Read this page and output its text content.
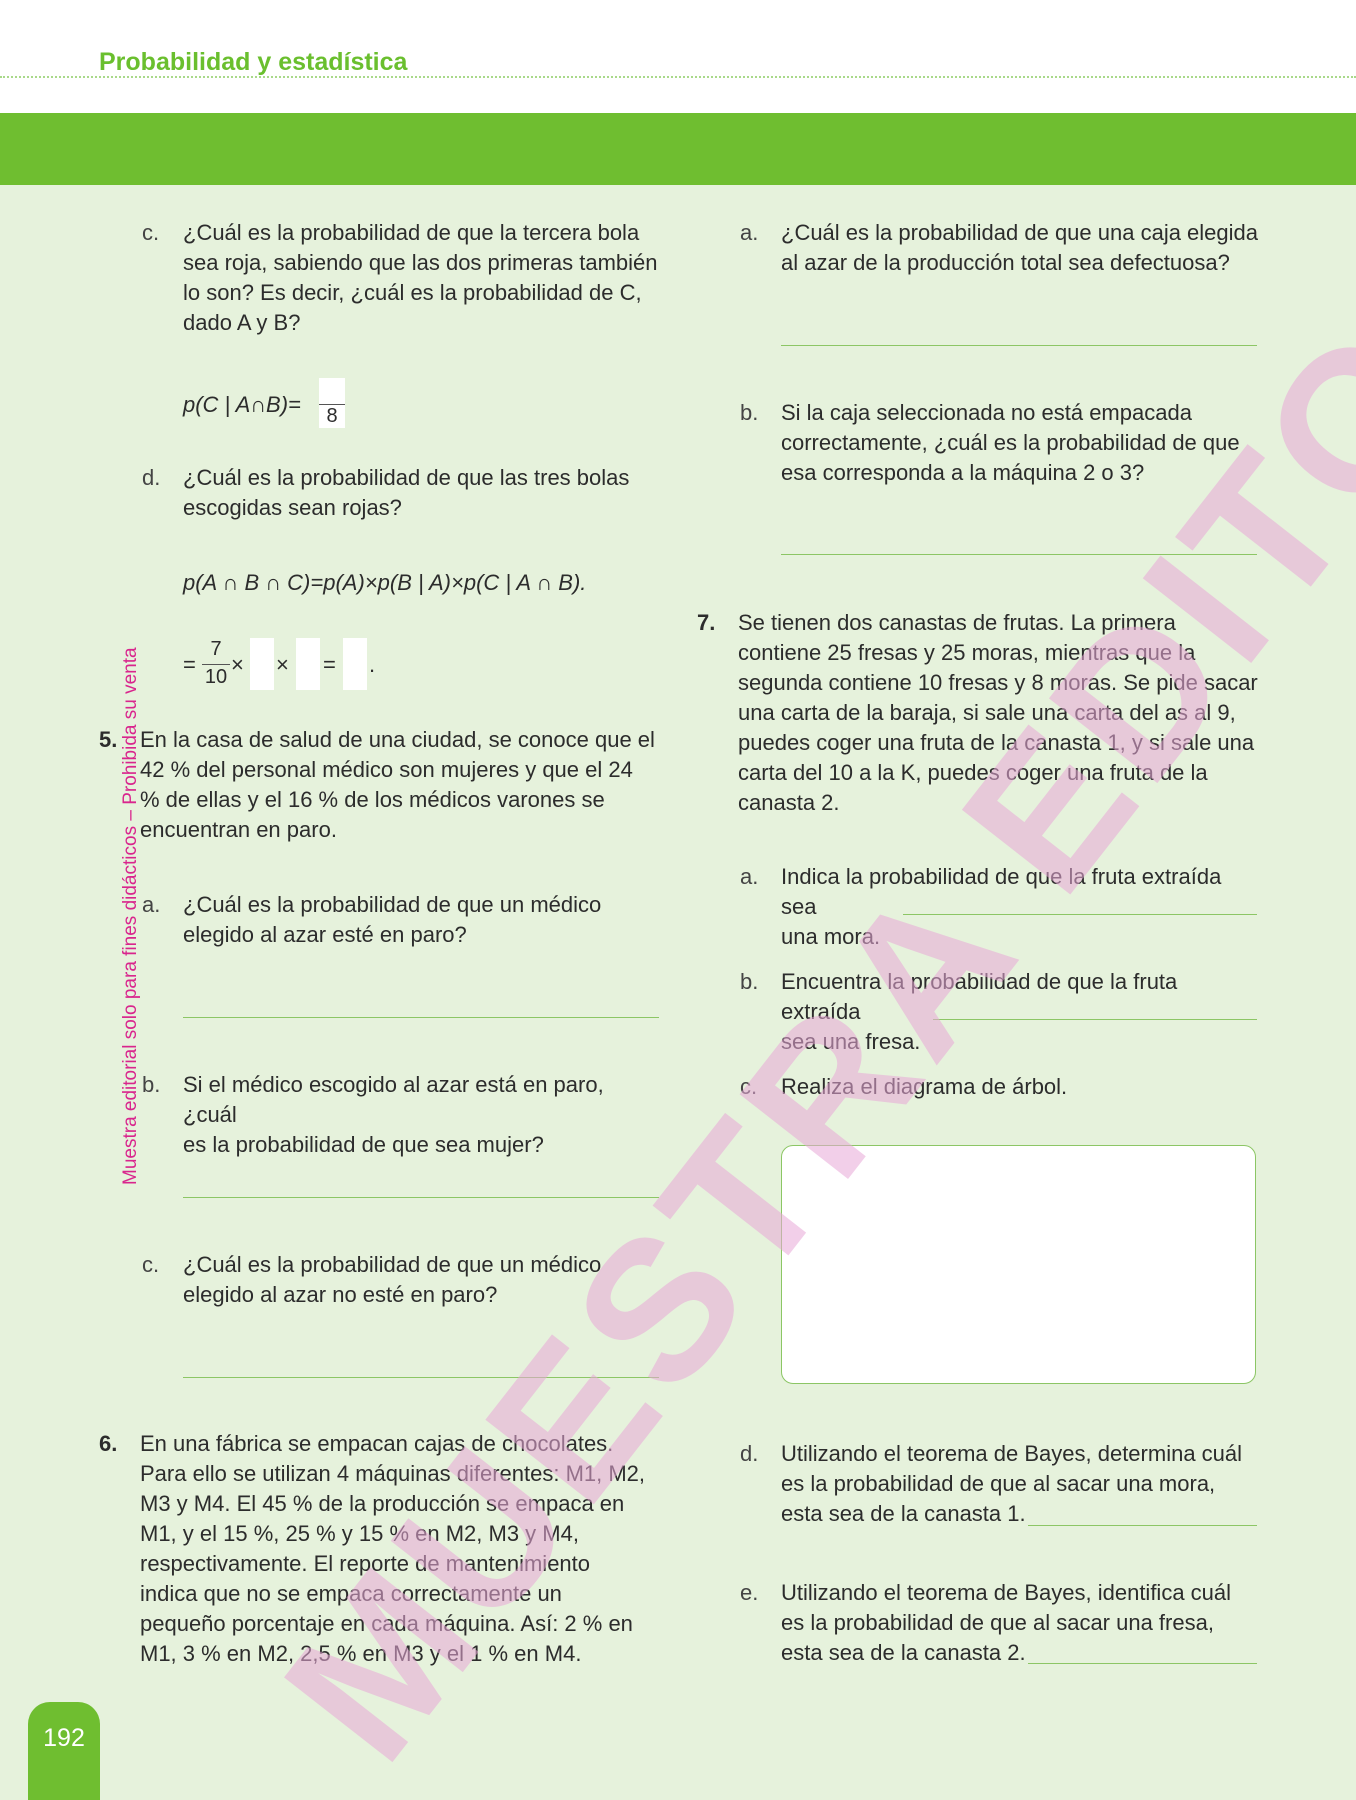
Probabilidad y estadística
Muestra editorial solo para fines didácticos – Prohibida su venta
c. ¿Cuál es la probabilidad de que la tercera bola
sea roja, sabiendo que las dos primeras también
lo son? Es decir, ¿cuál es la probabilidad de C,
dado A y B?
p(C | A∩B)=	8
d. ¿Cuál es la probabilidad de que las tres bolas
escogidas sean rojas?
p(A ∩ B ∩ C)=p(A)×p(B | A)×p(C | A ∩ B).
=
7
10 × × = .
5. En la casa de salud de una ciudad, se conoce que el
42 % del personal médico son mujeres y que el 24
% de ellas y el 16 % de los médicos varones se
encuentran en paro.
a. ¿Cuál es la probabilidad de que un médico
elegido al azar esté en paro?
b. Si el médico escogido al azar está en paro, ¿cuál
es la probabilidad de que sea mujer?
c. ¿Cuál es la probabilidad de que un médico
elegido al azar no esté en paro?
6. En una fábrica se empacan cajas de chocolates.
Para ello se utilizan 4 máquinas diferentes: M1, M2,
M3 y M4. El 45 % de la producción se empaca en
M1, y el 15 %, 25 % y 15 % en M2, M3 y M4,
respectivamente. El reporte de mantenimiento
indica que no se empaca correctamente un
pequeño porcentaje en cada máquina. Así: 2 % en
M1, 3 % en M2, 2,5 % en M3 y el 1 % en M4.
a. ¿Cuál es la probabilidad de que una caja elegida
al azar de la producción total sea defectuosa?
b. Si la caja seleccionada no está empacada
correctamente, ¿cuál es la probabilidad de que
esa corresponda a la máquina 2 o 3?
7. Se tienen dos canastas de frutas. La primera
contiene 25 fresas y 25 moras, mientras que la
segunda contiene 10 fresas y 8 moras. Se pide sacar
una carta de la baraja, si sale una carta del as al 9,
puedes coger una fruta de la canasta 1, y si sale una
carta del 10 a la K, puedes coger una fruta de la
canasta 2.
a. Indica la probabilidad de que la fruta extraída sea
una mora.
b. Encuentra la probabilidad de que la fruta extraída
sea una fresa.
c. Realiza el diagrama de árbol.
d. Utilizando el teorema de Bayes, determina cuál
es la probabilidad de que al sacar una mora,
esta sea de la canasta 1.
e. Utilizando el teorema de Bayes, identifica cuál
es la probabilidad de que al sacar una fresa,
esta sea de la canasta 2.
192
